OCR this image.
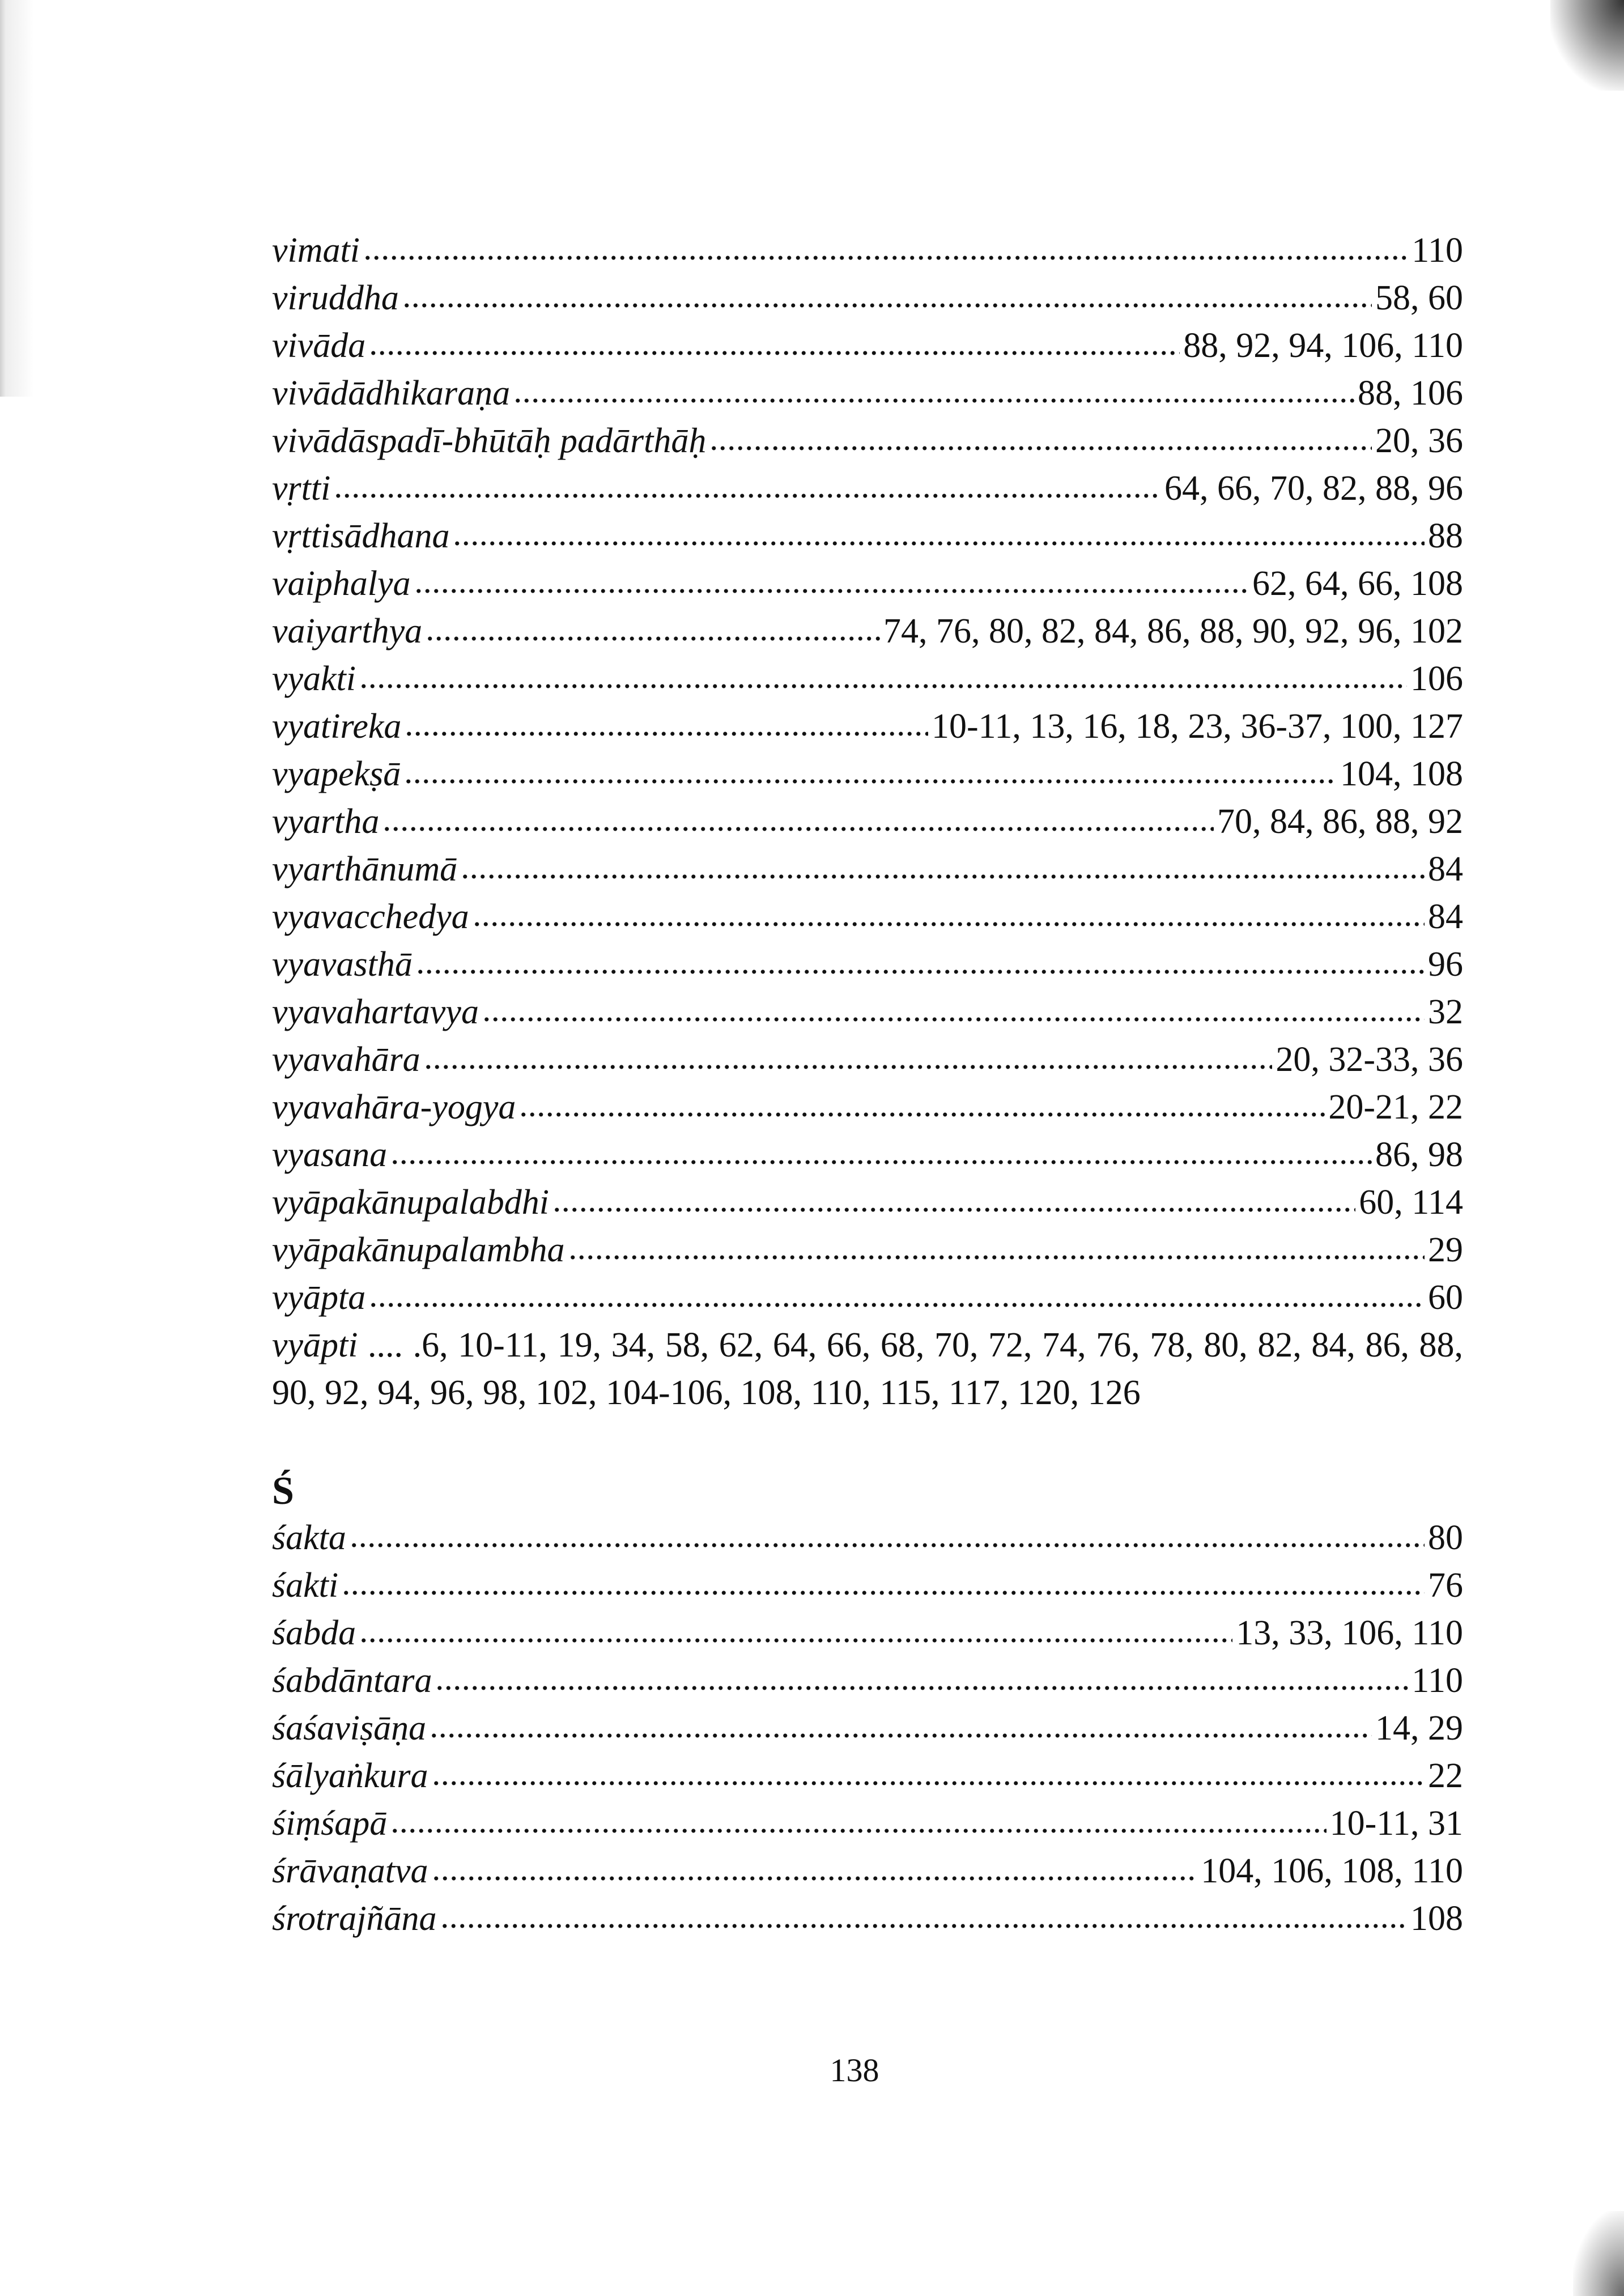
vimati	110
viruddha	58, 60
vivāda	88, 92, 94, 106, 110
vivādādhikaraṇa	88, 106
vivādāspadī-bhūtāḥ padārthāḥ	20, 36
vṛtti	64, 66, 70, 82, 88, 96
vṛttisādhana	88
vaiphalya	62, 64, 66, 108
vaiyarthya	74, 76, 80, 82, 84, 86, 88, 90, 92, 96, 102
vyakti	106
vyatireka	10-11, 13, 16, 18, 23, 36-37, 100, 127
vyapekṣā	104, 108
vyartha	70, 84, 86, 88, 92
vyarthānumā	84
vyavacchedya	84
vyavasthā	96
vyavahartavya	32
vyavahāra	20, 32-33, 36
vyavahāra-yogya	20-21, 22
vyasana	86, 98
vyāpakānupalabdhi	60, 114
vyāpakānupalambha	29
vyāpta	60
vyāpti .... .6, 10-11, 19, 34, 58, 62, 64, 66, 68, 70, 72, 74, 76, 78, 80, 82, 84, 86, 88, 90, 92, 94, 96, 98, 102, 104-106, 108, 110, 115, 117, 120, 126
Ś
śakta	80
śakti	76
śabda	13, 33, 106, 110
śabdāntara	110
śaśaviṣāṇa	14, 29
śālyaṅkura	22
śiṃśapā	10-11, 31
śrāvaṇatva	104, 106, 108, 110
śrotrajñāna	108
138
